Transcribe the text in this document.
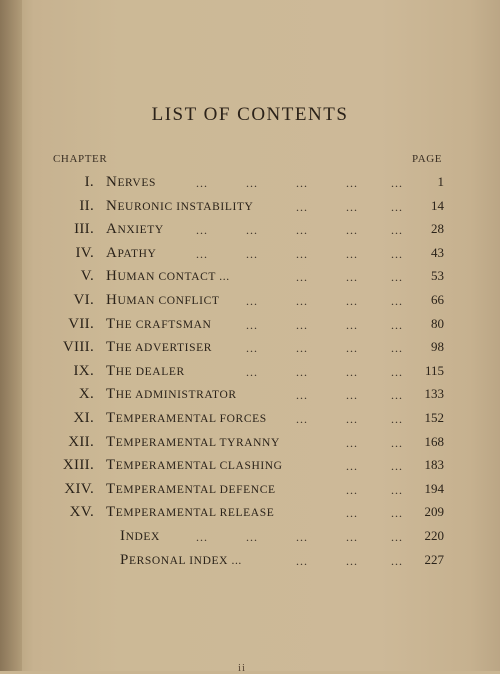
LIST OF CONTENTS
CHAPTER	PAGE
I. NERVES	...	...	...	...	...	1
II. NEURONIC INSTABILITY	...	...	... 14
III. ANXIETY	...	...	...	...	... 28
IV. APATHY	...	...	...	...	... 43
V. HUMAN CONTACT ...	...	...	... 53
VI. HUMAN CONFLICT ...	...	...	... 66
VII. THE CRAFTSMAN	...	...	...	... 80
VIII. THE ADVERTISER	...	...	...	... 98
IX. THE DEALER	...	...	...	... 115
X. THE ADMINISTRATOR	...	...	... 133
XI. TEMPERAMENTAL FORCES ...	...	... 152
XII. TEMPERAMENTAL TYRANNY	...	... 168
XIII. TEMPERAMENTAL CLASHING	...	... 183
XIV. TEMPERAMENTAL DEFENCE	...	... 194
XV. TEMPERAMENTAL RELEASE	...	... 209
INDEX	...	...	...	...	... 220
PERSONAL INDEX ...	...	...	... 227
ii
